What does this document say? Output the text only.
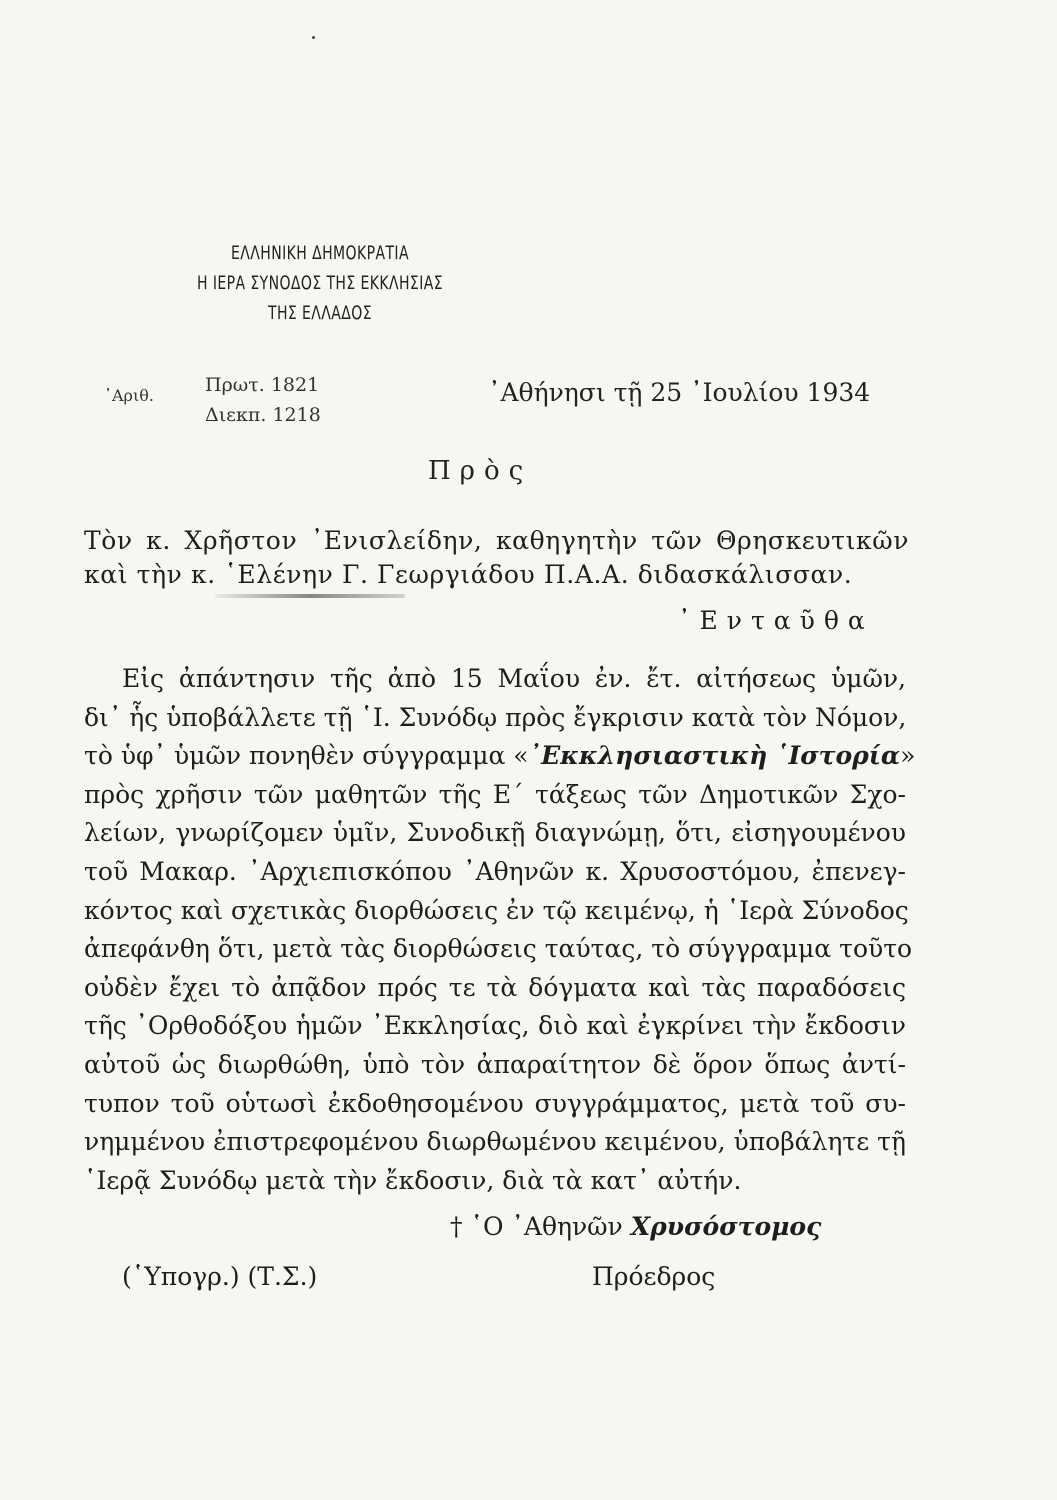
ΕΛΛΗΝΙΚΗ ΔΗΜΟΚΡΑΤΙΑ
Η ΙΕΡΑ ΣΥΝΟΔΟΣ ΤΗΣ ΕΚΚΛΗΣΙΑΣ
ΤΗΣ ΕΛΛΑΔΟΣ
᾽Αριθ.	Πρωτ. 1821
Διεκπ. 1218
᾽Αθήνησι τῇ 25 ᾽Ιουλίου 1934
Πρὸς
Τὸν κ. Χρῆστον ᾽Ενισλείδην, καθηγητὴν τῶν Θρησκευτικῶν
καὶ τὴν κ. ῾Ελένην Γ. Γεωργιάδου Π.Α.Α. διδασκάλισσαν.
᾽Ενταῦθα
Εἰς ἀπάντησιν τῆς ἀπὸ 15 Μαΐου ἐν. ἔτ. αἰτήσεως ὑμῶν,
δι᾽ ἧς ὑποβάλλετε τῇ ῾Ι. Συνόδῳ πρὸς ἔγκρισιν κατὰ τὸν Νόμον,
τὸ ὑφ᾽ ὑμῶν πονηθὲν σύγγραμμα «᾽Εκκλησιαστικὴ ῾Ιστορία»
πρὸς χρῆσιν τῶν μαθητῶν τῆς Ε΄ τάξεως τῶν Δημοτικῶν Σχο-
λείων, γνωρίζομεν ὑμῖν, Συνοδικῇ διαγνώμῃ, ὅτι, εἰσηγουμένου
τοῦ Μακαρ. ᾽Αρχιεπισκόπου ᾽Αθηνῶν κ. Χρυσοστόμου, ἐπενεγ-
κόντος καὶ σχετικὰς διορθώσεις ἐν τῷ κειμένῳ, ἡ ῾Ιερὰ Σύνοδος
ἀπεφάνθη ὅτι, μετὰ τὰς διορθώσεις ταύτας, τὸ σύγγραμμα τοῦτο
οὐδὲν ἔχει τὸ ἀπᾷδον πρός τε τὰ δόγματα καὶ τὰς παραδόσεις
τῆς ᾽Ορθοδόξου ἡμῶν ᾽Εκκλησίας, διὸ καὶ ἐγκρίνει τὴν ἔκδοσιν
αὐτοῦ ὡς διωρθώθη, ὑπὸ τὸν ἀπαραίτητον δὲ ὅρον ὅπως ἀντί-
τυπον τοῦ οὑτωσὶ ἐκδοθησομένου συγγράμματος, μετὰ τοῦ συ-
νημμένου ἐπιστρεφομένου διωρθωμένου κειμένου, ὑποβάλητε τῇ
῾Ιερᾷ Συνόδῳ μετὰ τὴν ἔκδοσιν, διὰ τὰ κατ᾽ αὐτήν.
† ῾Ο ᾽Αθηνῶν Χρυσόστομος
(῾Υπογρ.) (Τ.Σ.)	Πρόεδρος
